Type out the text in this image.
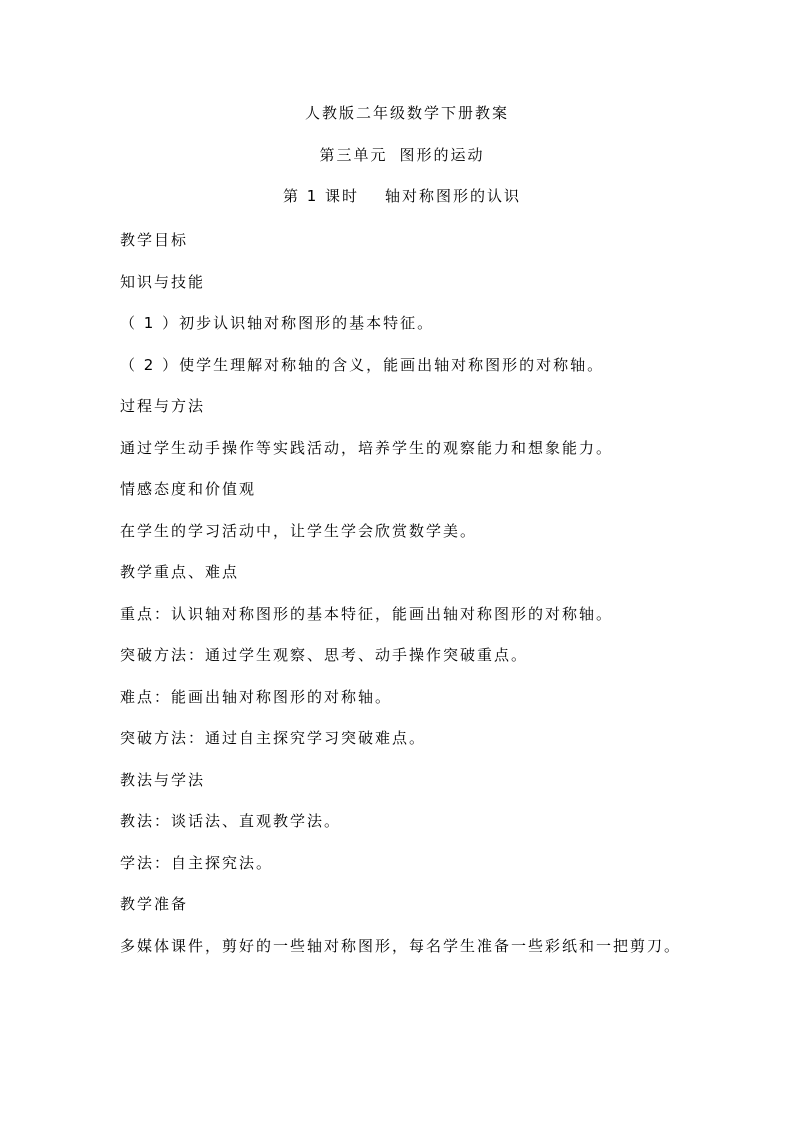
人教版二年级数学下册教案

第三单元 图形的运动

第 1 课时 轴对称图形的认识

教学目标

知识与技能

（ 1 ）初步认识轴对称图形的基本特征。

（ 2 ）使学生理解对称轴的含义，能画出轴对称图形的对称轴。

过程与方法

通过学生动手操作等实践活动，培养学生的观察能力和想象能力。

情感态度和价值观

在学生的学习活动中，让学生学会欣赏数学美。

教学重点、难点

重点：认识轴对称图形的基本特征，能画出轴对称图形的对称轴。

突破方法：通过学生观察、思考、动手操作突破重点。

难点：能画出轴对称图形的对称轴。

突破方法：通过自主探究学习突破难点。

教法与学法

教法：谈话法、直观教学法。

学法：自主探究法。

教学准备

多媒体课件，剪好的一些轴对称图形，每名学生准备一些彩纸和一把剪刀。
